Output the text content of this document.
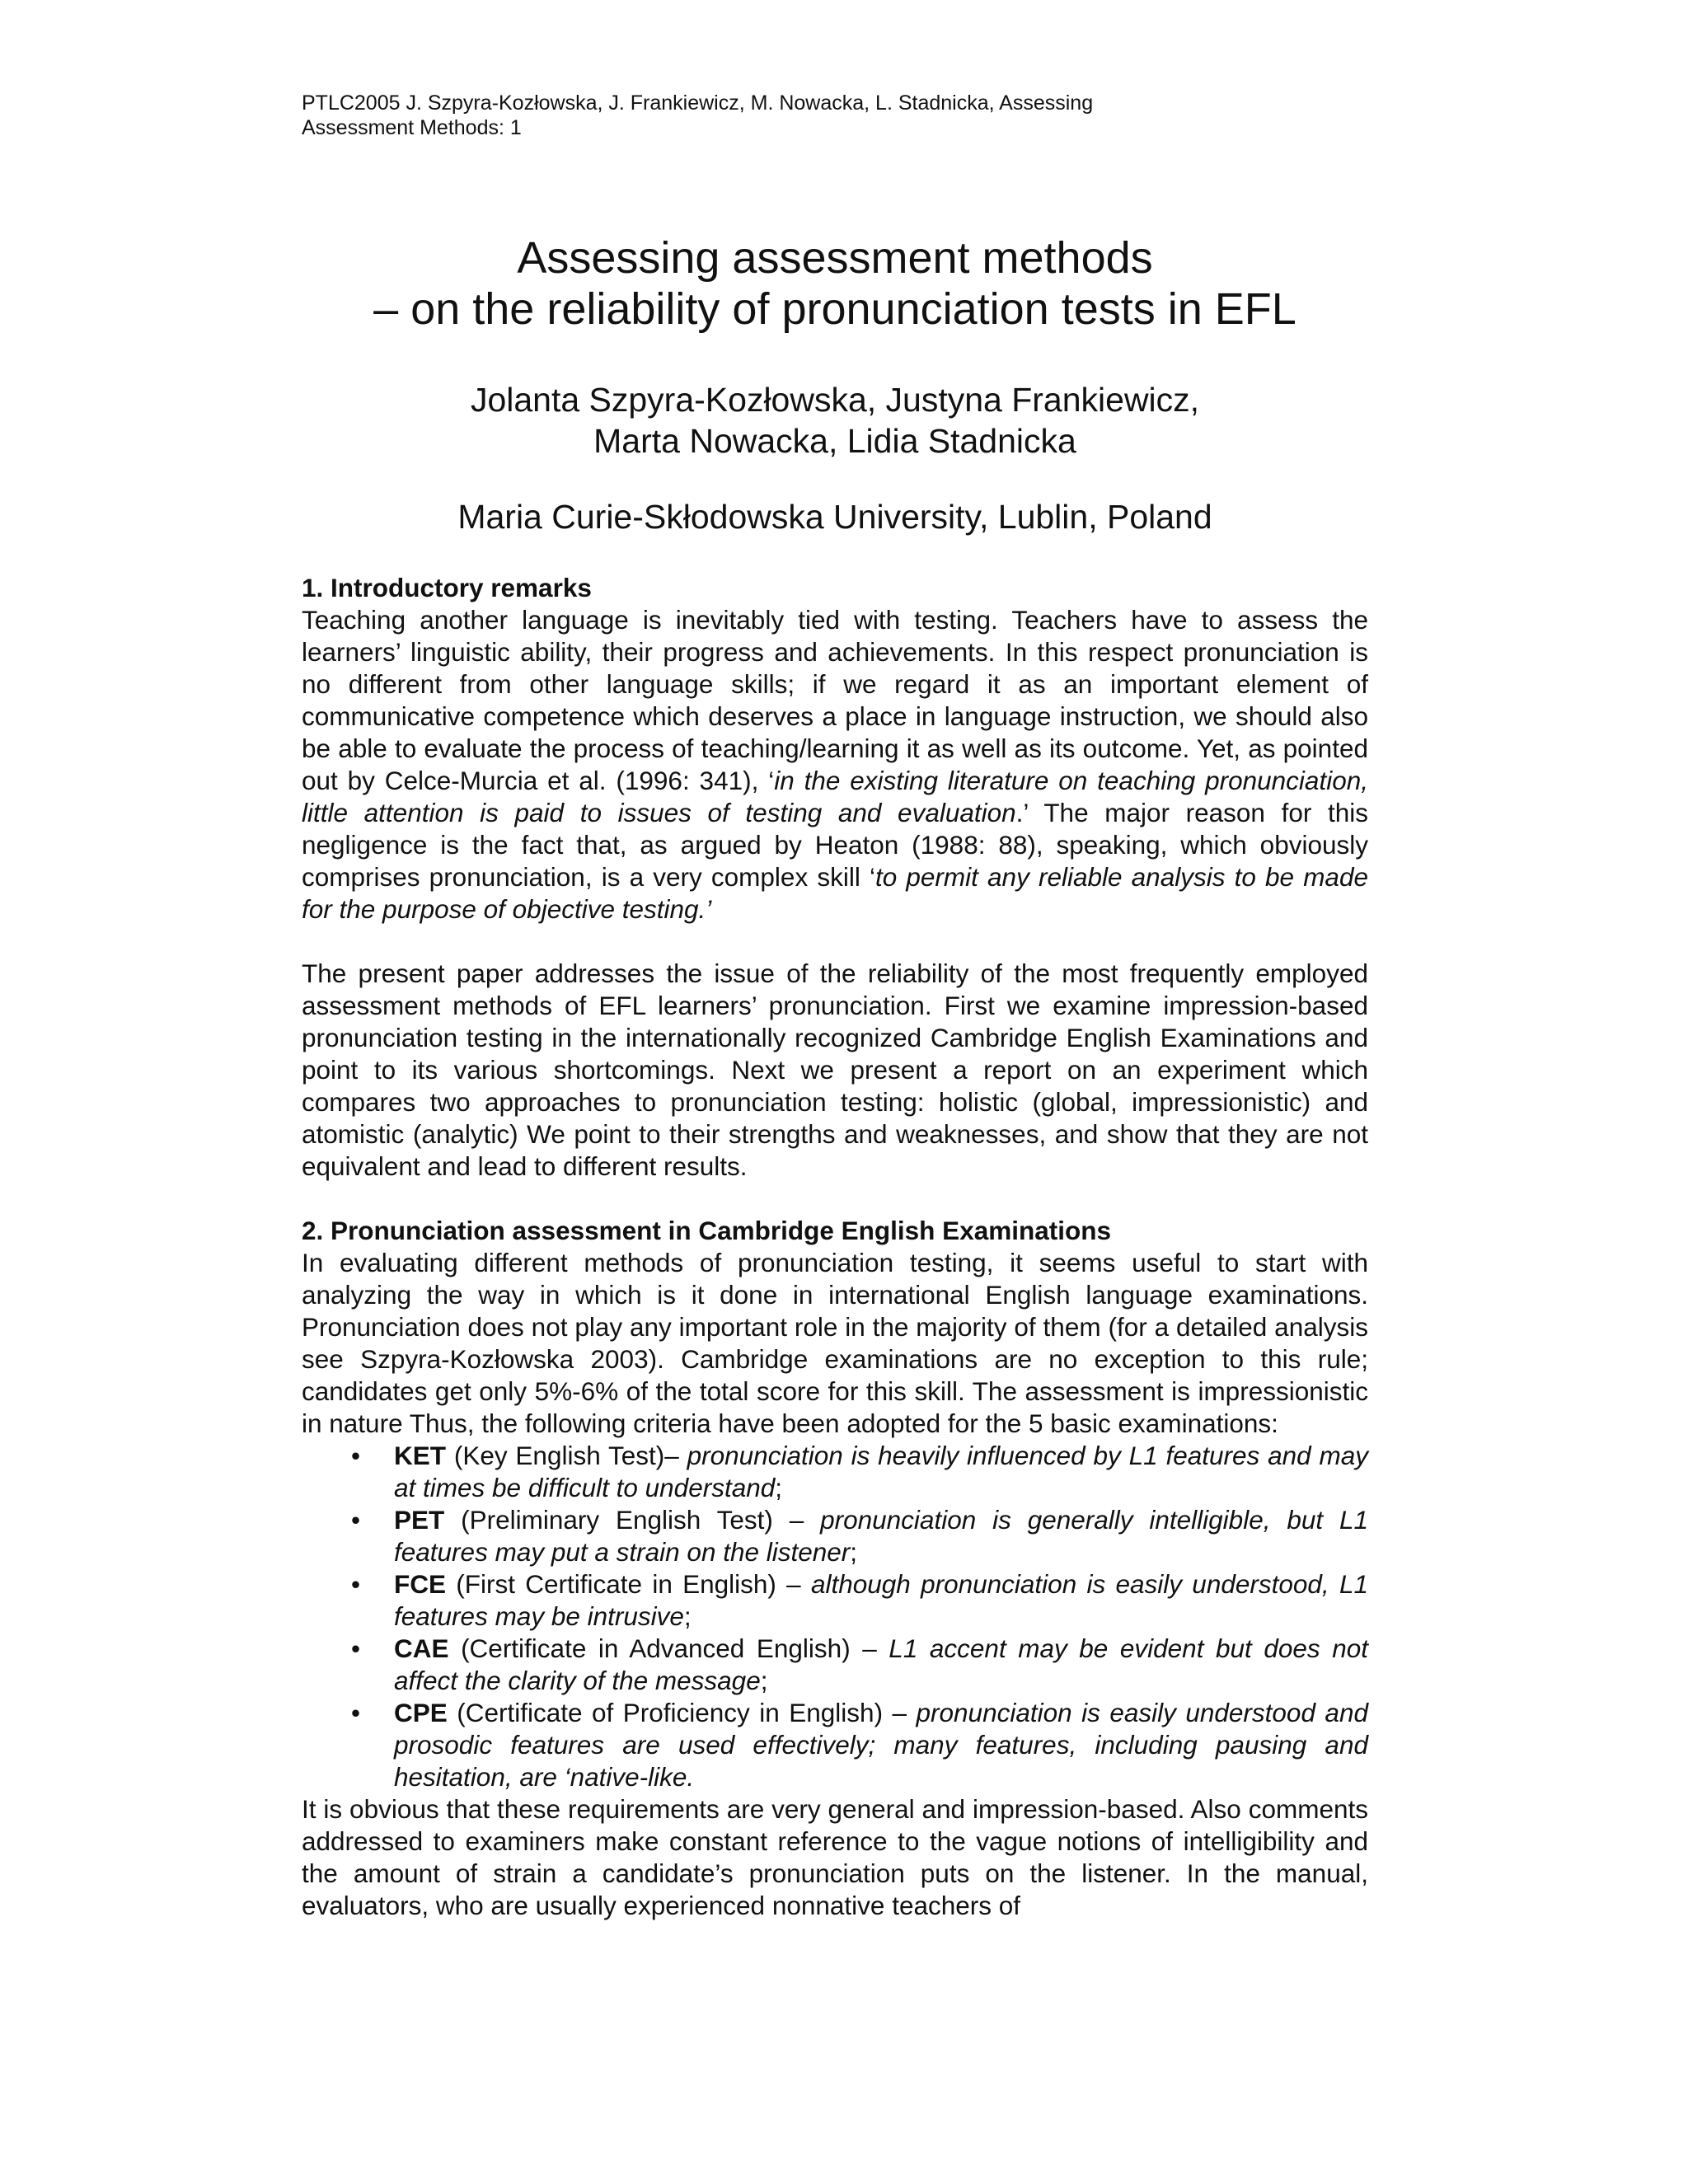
PTLC2005 J. Szpyra-Kozłowska, J. Frankiewicz, M. Nowacka, L. Stadnicka, Assessing
Assessment Methods: 1
Assessing assessment methods
– on the reliability of pronunciation tests in EFL
Jolanta Szpyra-Kozłowska, Justyna Frankiewicz,
Marta Nowacka, Lidia Stadnicka
Maria Curie-Skłodowska University, Lublin, Poland
1. Introductory remarks

Teaching another language is inevitably tied with testing. Teachers have to assess the learners’ linguistic ability, their progress and achievements. In this respect pronunciation is no different from other language skills; if we regard it as an important element of communicative competence which deserves a place in language instruction, we should also be able to evaluate the process of teaching/learning it as well as its outcome. Yet, as pointed out by Celce-Murcia et al. (1996: 341), ‘in the existing literature on teaching pronunciation, little attention is paid to issues of testing and evaluation.’ The major reason for this negligence is the fact that, as argued by Heaton (1988: 88), speaking, which obviously comprises pronunciation, is a very complex skill ‘to permit any reliable analysis to be made for the purpose of objective testing.’

The present paper addresses the issue of the reliability of the most frequently employed assessment methods of EFL learners’ pronunciation. First we examine impression-based pronunciation testing in the internationally recognized Cambridge English Examinations and point to its various shortcomings. Next we present a report on an experiment which compares two approaches to pronunciation testing: holistic (global, impressionistic) and atomistic (analytic) We point to their strengths and weaknesses, and show that they are not equivalent and lead to different results.

2. Pronunciation assessment in Cambridge English Examinations

In evaluating different methods of pronunciation testing, it seems useful to start with analyzing the way in which is it done in international English language examinations. Pronunciation does not play any important role in the majority of them (for a detailed analysis see Szpyra-Kozłowska 2003). Cambridge examinations are no exception to this rule; candidates get only 5%-6% of the total score for this skill. The assessment is impressionistic in nature Thus, the following criteria have been adopted for the 5 basic examinations:

• KET (Key English Test)– pronunciation is heavily influenced by L1 features and may at times be difficult to understand;
• PET (Preliminary English Test) – pronunciation is generally intelligible, but L1 features may put a strain on the listener;
• FCE (First Certificate in English) – although pronunciation is easily understood, L1 features may be intrusive;
• CAE (Certificate in Advanced English) – L1 accent may be evident but does not affect the clarity of the message;
• CPE (Certificate of Proficiency in English) – pronunciation is easily understood and prosodic features are used effectively; many features, including pausing and hesitation, are ‘native-like.

It is obvious that these requirements are very general and impression-based. Also comments addressed to examiners make constant reference to the vague notions of intelligibility and the amount of strain a candidate’s pronunciation puts on the listener. In the manual, evaluators, who are usually experienced nonnative teachers of
